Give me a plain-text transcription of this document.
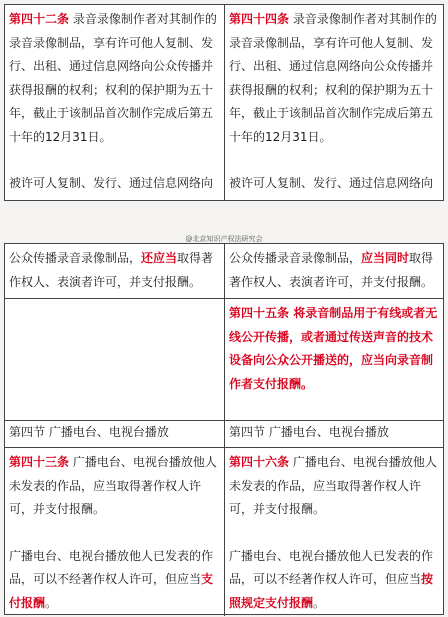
第四十二条 录音录像制作者对其制作的录音录像制品，享有许可他人复制、发行、出租、通过信息网络向公众传播并获得报酬的权利；权利的保护期为五十年，截止于该制品首次制作完成后第五十年的12月31日。
被许可人复制、发行、通过信息网络向
第四十四条 录音录像制作者对其制作的录音录像制品，享有许可他人复制、发行、出租、通过信息网络向公众传播并获得报酬的权利；权利的保护期为五十年，截止于该制品首次制作完成后第五十年的12月31日。
被许可人复制、发行、通过信息网络向
@北京知识产权法研究会
公众传播录音录像制品，还应当取得著作权人、表演者许可，并支付报酬。
公众传播录音录像制品，应当同时取得著作权人、表演者许可，并支付报酬。
第四十五条 将录音制品用于有线或者无线公开传播，或者通过传送声音的技术设备向公众公开播送的，应当向录音制作者支付报酬。
第四节 广播电台、电视台播放	第四节 广播电台、电视台播放
第四十三条 广播电台、电视台播放他人未发表的作品，应当取得著作权人许可，并支付报酬。
广播电台、电视台播放他人已发表的作品，可以不经著作权人许可，但应当支付报酬。
第四十六条 广播电台、电视台播放他人未发表的作品，应当取得著作权人许可，并支付报酬。
广播电台、电视台播放他人已发表的作品，可以不经著作权人许可，但应当按照规定支付报酬。
